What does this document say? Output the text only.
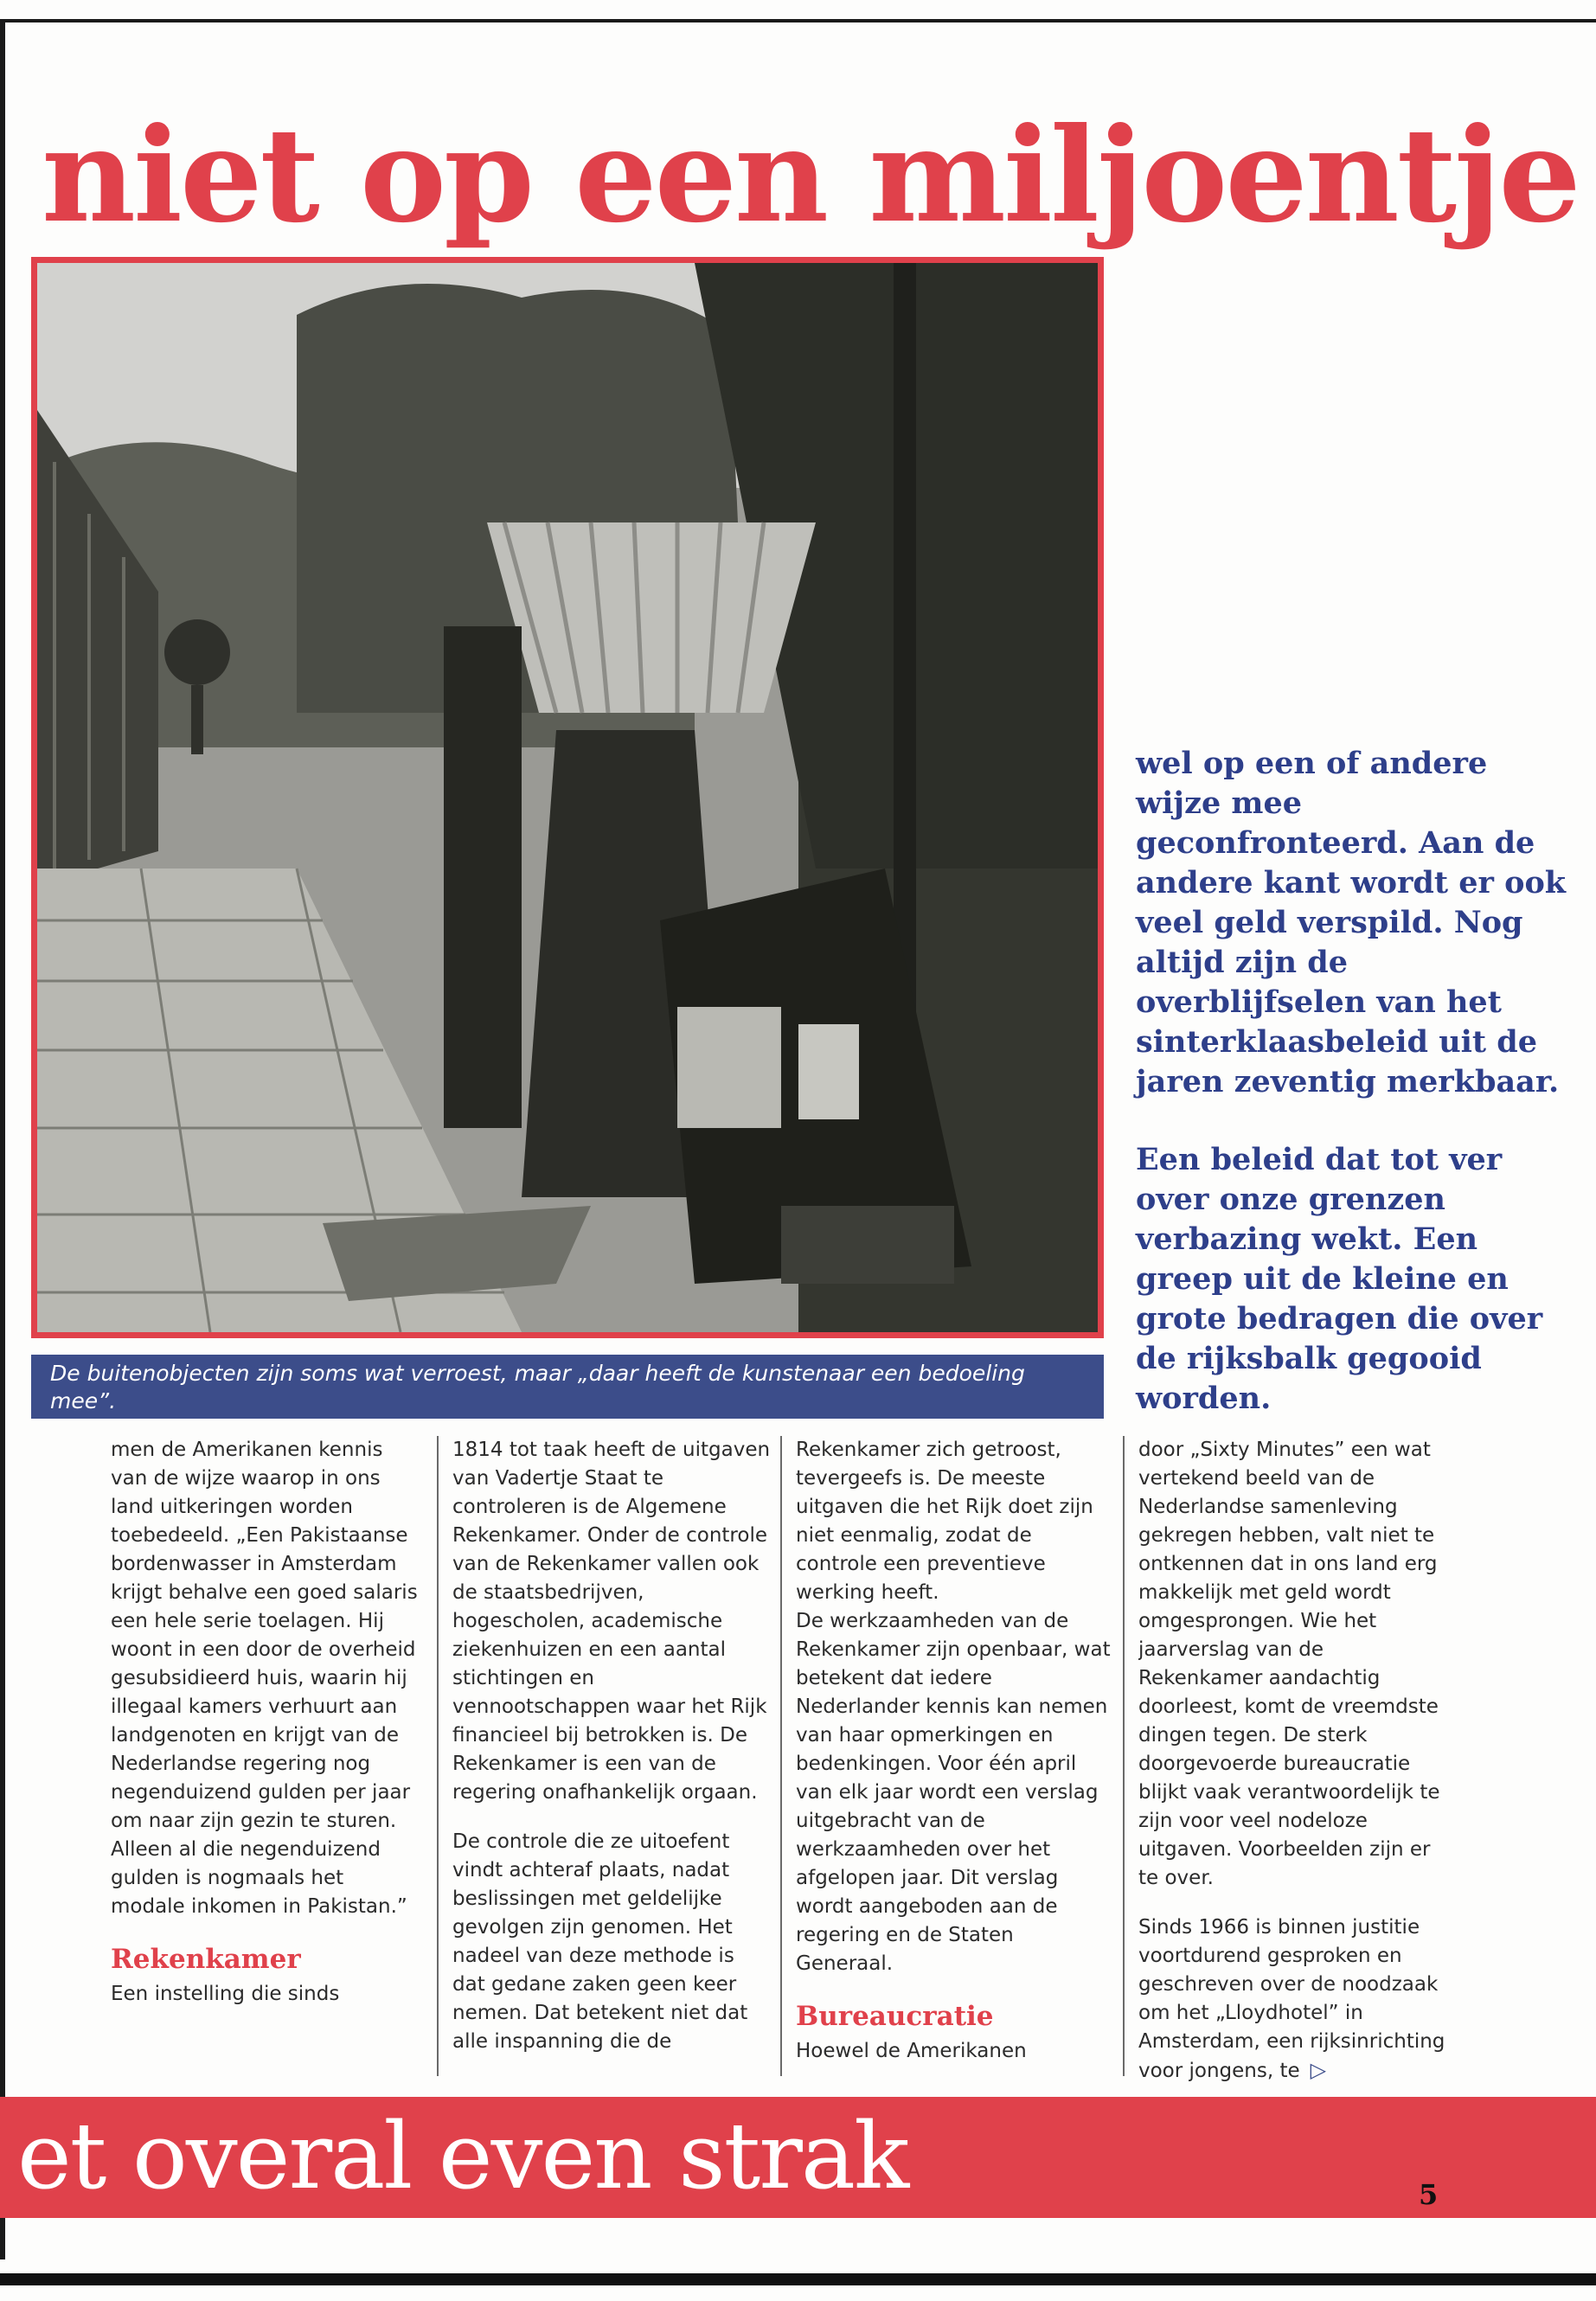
niet op een miljoentje
De buitenobjecten zijn soms wat verroest, maar „daar heeft de kunstenaar een bedoeling mee”.

wel op een of andere wijze mee geconfronteerd. Aan de andere kant wordt er ook veel geld verspild. Nog altijd zijn de overblijfselen van het sinterklaasbeleid uit de jaren zeventig merkbaar.

Een beleid dat tot ver over onze grenzen verbazing wekt. Een greep uit de kleine en grote bedragen die over de rijksbalk gegooid worden.

men de Amerikanen kennis van de wijze waarop in ons land uitkeringen worden toebedeeld. „Een Pakistaanse bordenwasser in Amsterdam krijgt behalve een goed salaris een hele serie toelagen. Hij woont in een door de overheid gesubsidieerd huis, waarin hij illegaal kamers verhuurt aan landgenoten en krijgt van de Nederlandse regering nog negenduizend gulden per jaar om naar zijn gezin te sturen. Alleen al die negenduizend gulden is nogmaals het modale inkomen in Pakistan.”

Rekenkamer

Een instelling die sinds

1814 tot taak heeft de uitgaven van Vadertje Staat te controleren is de Algemene Rekenkamer. Onder de controle van de Rekenkamer vallen ook de staatsbedrijven, hogescholen, academische ziekenhuizen en een aantal stichtingen en vennootschappen waar het Rijk financieel bij betrokken is. De Rekenkamer is een van de regering onafhankelijk orgaan.

De controle die ze uitoefent vindt achteraf plaats, nadat beslissingen met geldelijke gevolgen zijn genomen. Het nadeel van deze methode is dat gedane zaken geen keer nemen. Dat betekent niet dat alle inspanning die de

Rekenkamer zich getroost, tevergeefs is. De meeste uitgaven die het Rijk doet zijn niet eenmalig, zodat de controle een preventieve werking heeft.

De werkzaamheden van de Rekenkamer zijn openbaar, wat betekent dat iedere Nederlander kennis kan nemen van haar opmerkingen en bedenkingen. Voor één april van elk jaar wordt een verslag uitgebracht van de werkzaamheden over het afgelopen jaar. Dit verslag wordt aangeboden aan de regering en de Staten Generaal.

Bureaucratie

Hoewel de Amerikanen

door „Sixty Minutes” een wat vertekend beeld van de Nederlandse samenleving gekregen hebben, valt niet te ontkennen dat in ons land erg makkelijk met geld wordt omgesprongen. Wie het jaarverslag van de Rekenkamer aandachtig doorleest, komt de vreemdste dingen tegen. De sterk doorgevoerde bureaucratie blijkt vaak verantwoordelijk te zijn voor veel nodeloze uitgaven. Voorbeelden zijn er te over.

Sinds 1966 is binnen justitie voortdurend gesproken en geschreven over de noodzaak om het „Lloydhotel” in Amsterdam, een rijksinrichting voor jongens, te ▷

et overal even strak	5
